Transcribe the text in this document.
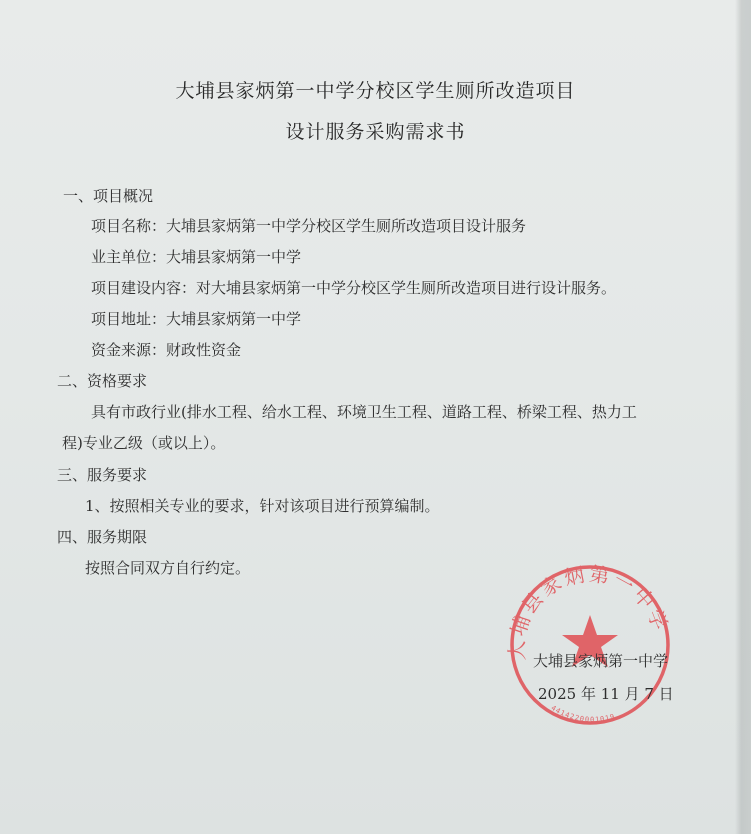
大埔县家炳第一中学分校区学生厕所改造项目
设计服务采购需求书
一、项目概况
项目名称：大埔县家炳第一中学分校区学生厕所改造项目设计服务
业主单位：大埔县家炳第一中学
项目建设内容：对大埔县家炳第一中学分校区学生厕所改造项目进行设计服务。
项目地址：大埔县家炳第一中学
资金来源：财政性资金
二、资格要求
具有市政行业(排水工程、给水工程、环境卫生工程、道路工程、桥梁工程、热力工
程)专业乙级（或以上）。
三、服务要求
1、按照相关专业的要求，针对该项目进行预算编制。
四、服务期限
按照合同双方自行约定。
大埔县家炳第一中学
4414220001019
大埔县家炳第一中学
2025 年 11 月 7 日
